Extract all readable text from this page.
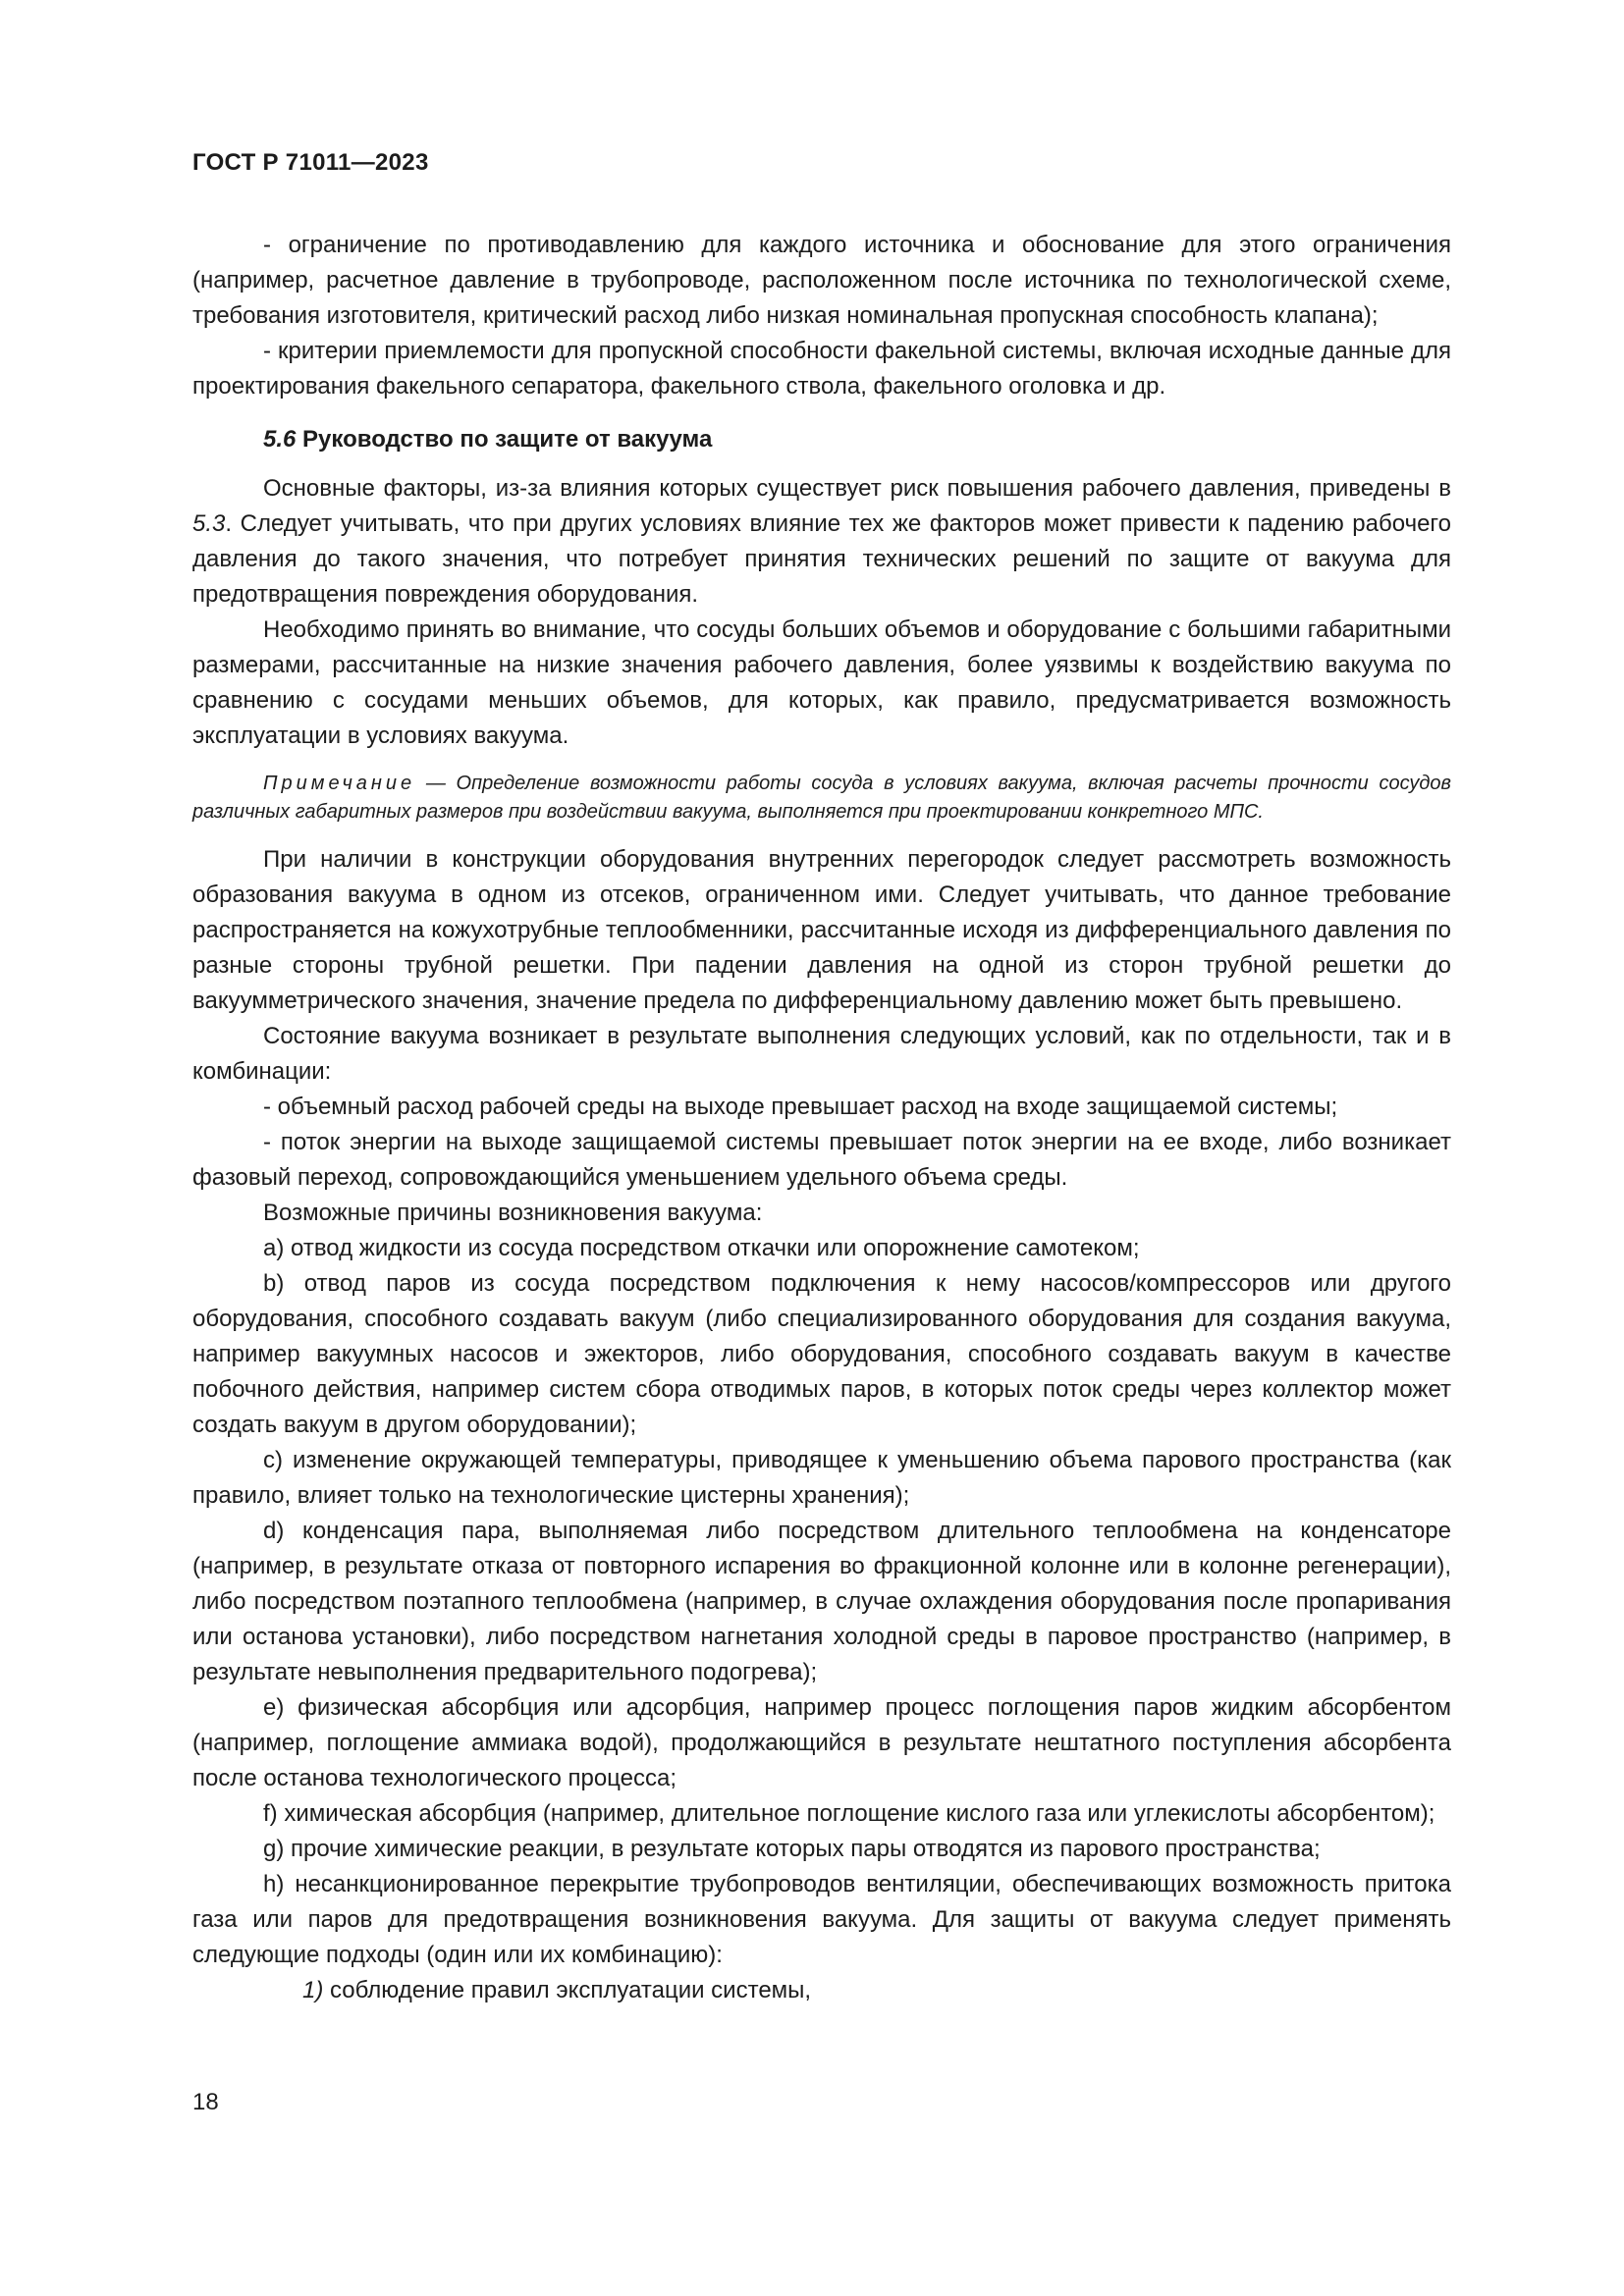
ГОСТ Р 71011—2023

- ограничение по противодавлению для каждого источника и обоснование для этого ограничения (например, расчетное давление в трубопроводе, расположенном после источника по технологической схеме, требования изготовителя, критический расход либо низкая номинальная пропускная способность клапана);

- критерии приемлемости для пропускной способности факельной системы, включая исходные данные для проектирования факельного сепаратора, факельного ствола, факельного оголовка и др.

5.6 Руководство по защите от вакуума

Основные факторы, из-за влияния которых существует риск повышения рабочего давления, приведены в 5.3. Следует учитывать, что при других условиях влияние тех же факторов может привести к падению рабочего давления до такого значения, что потребует принятия технических решений по защите от вакуума для предотвращения повреждения оборудования.

Необходимо принять во внимание, что сосуды больших объемов и оборудование с большими габаритными размерами, рассчитанные на низкие значения рабочего давления, более уязвимы к воздействию вакуума по сравнению с сосудами меньших объемов, для которых, как правило, предусматривается возможность эксплуатации в условиях вакуума.

Примечание — Определение возможности работы сосуда в условиях вакуума, включая расчеты прочности сосудов различных габаритных размеров при воздействии вакуума, выполняется при проектировании конкретного МПС.

При наличии в конструкции оборудования внутренних перегородок следует рассмотреть возможность образования вакуума в одном из отсеков, ограниченном ими. Следует учитывать, что данное требование распространяется на кожухотрубные теплообменники, рассчитанные исходя из дифференциального давления по разные стороны трубной решетки. При падении давления на одной из сторон трубной решетки до вакуумметрического значения, значение предела по дифференциальному давлению может быть превышено.

Состояние вакуума возникает в результате выполнения следующих условий, как по отдельности, так и в комбинации:

- объемный расход рабочей среды на выходе превышает расход на входе защищаемой системы;

- поток энергии на выходе защищаемой системы превышает поток энергии на ее входе, либо возникает фазовый переход, сопровождающийся уменьшением удельного объема среды.

Возможные причины возникновения вакуума:

а) отвод жидкости из сосуда посредством откачки или опорожнение самотеком;

b) отвод паров из сосуда посредством подключения к нему насосов/компрессоров или другого оборудования, способного создавать вакуум (либо специализированного оборудования для создания вакуума, например вакуумных насосов и эжекторов, либо оборудования, способного создавать вакуум в качестве побочного действия, например систем сбора отводимых паров, в которых поток среды через коллектор может создать вакуум в другом оборудовании);

c) изменение окружающей температуры, приводящее к уменьшению объема парового пространства (как правило, влияет только на технологические цистерны хранения);

d) конденсация пара, выполняемая либо посредством длительного теплообмена на конденсаторе (например, в результате отказа от повторного испарения во фракционной колонне или в колонне регенерации), либо посредством поэтапного теплообмена (например, в случае охлаждения оборудования после пропаривания или останова установки), либо посредством нагнетания холодной среды в паровое пространство (например, в результате невыполнения предварительного подогрева);

e) физическая абсорбция или адсорбция, например процесс поглощения паров жидким абсорбентом (например, поглощение аммиака водой), продолжающийся в результате нештатного поступления абсорбента после останова технологического процесса;

f) химическая абсорбция (например, длительное поглощение кислого газа или углекислоты абсорбентом);

g) прочие химические реакции, в результате которых пары отводятся из парового пространства;

h) несанкционированное перекрытие трубопроводов вентиляции, обеспечивающих возможность притока газа или паров для предотвращения возникновения вакуума. Для защиты от вакуума следует применять следующие подходы (один или их комбинацию):

1) соблюдение правил эксплуатации системы,

18
